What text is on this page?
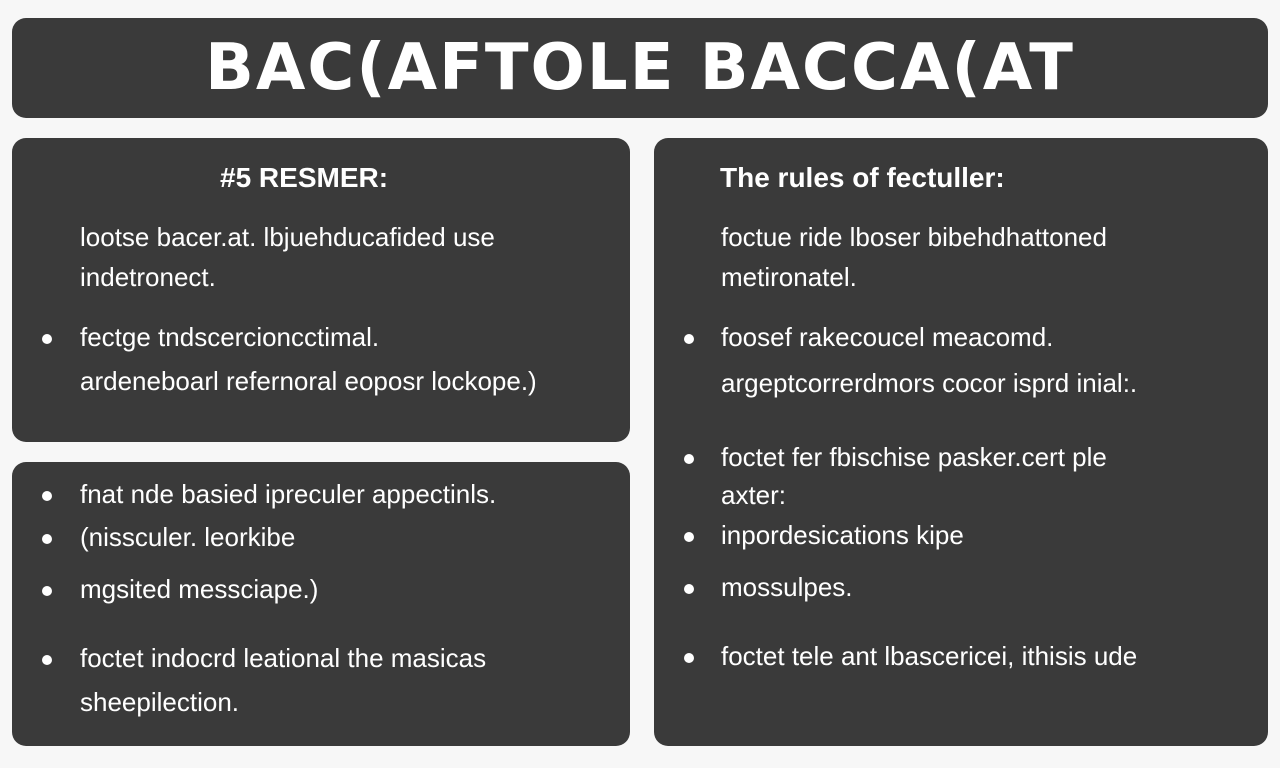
BAC(AFTOLE BACCA(AT
#5 RESMER:
lootse bacer.at. lbjuehducafided use
indetronect.
fectge tndscercioncctimal.
ardeneboarl refernoral eoposr lockope.)
fnat nde basied ipreculer appectinls.
(nissculer. leorkibe
mgsited messciape.)
foctet indocrd leational the masicas
sheepilection.
The rules of fectuller:
foctue ride lboser bibehdhattoned
metironatel.
foosef rakecoucel meacomd.
argeptcorrerdmors cocor isprd inial:.
foctet fer fbischise pasker.cert ple
axter:
inpordesications kipe
mossulpes.
foctet tele ant lbascericei, ithisis ude
